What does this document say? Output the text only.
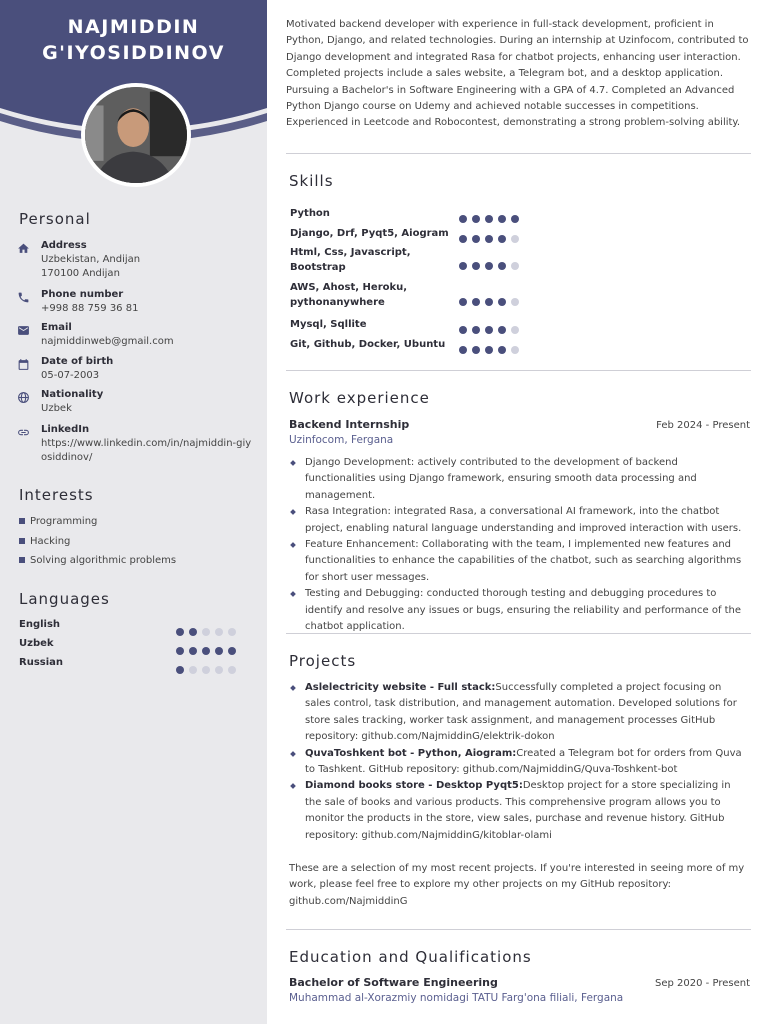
NAJMIDDIN
G'IYOSIDDINOV
Personal
Address
Uzbekistan, Andijan
170100 Andijan
Phone number
+998 88 759 36 81
Email
najmiddinweb@gmail.com
Date of birth
05-07-2003
Nationality
Uzbek
LinkedIn
https://www.linkedin.com/in/najmiddin-giyosiddinov/
Interests
Programming
Hacking
Solving algorithmic problems
Languages
English
Uzbek
Russian
Motivated backend developer with experience in full-stack development, proficient in Python, Django, and related technologies. During an internship at Uzinfocom, contributed to Django development and integrated Rasa for chatbot projects, enhancing user interaction. Completed projects include a sales website, a Telegram bot, and a desktop application. Pursuing a Bachelor's in Software Engineering with a GPA of 4.7. Completed an Advanced Python Django course on Udemy and achieved notable successes in competitions. Experienced in Leetcode and Robocontest, demonstrating a strong problem-solving ability.
Skills
Python
Django, Drf, Pyqt5, Aiogram
Html, Css, Javascript, Bootstrap
AWS, Ahost, Heroku, pythonanywhere
Mysql, Sqllite
Git, Github, Docker, Ubuntu
Work experience
Backend Internship	Feb 2024 - Present
Uzinfocom, Fergana
Django Development: actively contributed to the development of backend functionalities using Django framework, ensuring smooth data processing and management.
Rasa Integration: integrated Rasa, a conversational AI framework, into the chatbot project, enabling natural language understanding and improved interaction with users.
Feature Enhancement: Collaborating with the team, I implemented new features and functionalities to enhance the capabilities of the chatbot, such as searching algorithms for short user messages.
Testing and Debugging: conducted thorough testing and debugging procedures to identify and resolve any issues or bugs, ensuring the reliability and performance of the chatbot application.
Projects
Aslelectricity website - Full stack:Successfully completed a project focusing on sales control, task distribution, and management automation. Developed solutions for store sales tracking, worker task assignment, and management processes GitHub repository: github.com/NajmiddinG/elektrik-dokon
QuvaToshkent bot - Python, Aiogram:Created a Telegram bot for orders from Quva to Tashkent. GitHub repository: github.com/NajmiddinG/Quva-Toshkent-bot
Diamond books store - Desktop Pyqt5:Desktop project for a store specializing in the sale of books and various products. This comprehensive program allows you to monitor the products in the store, view sales, purchase and revenue history. GitHub repository: github.com/NajmiddinG/kitoblar-olami
These are a selection of my most recent projects. If you're interested in seeing more of my work, please feel free to explore my other projects on my GitHub repository: github.com/NajmiddinG
Education and Qualifications
Bachelor of Software Engineering	Sep 2020 - Present
Muhammad al-Xorazmiy nomidagi TATU Farg'ona filiali, Fergana
